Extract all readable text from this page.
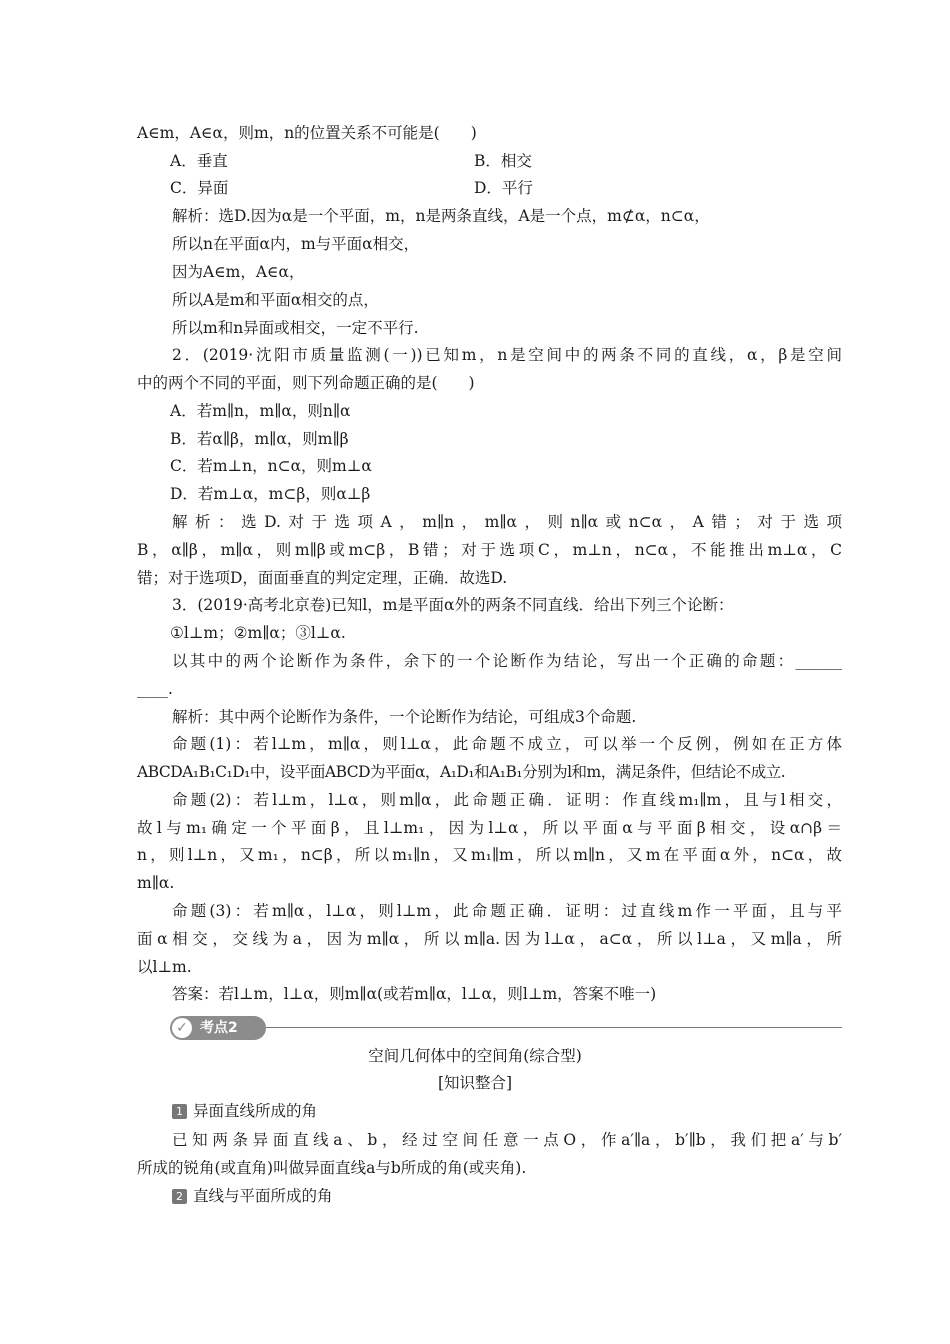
A∈m，A∈α，则m，n的位置关系不可能是(　　)
A．垂直	B．相交
C．异面	D．平行
解析：选D.因为α是一个平面，m，n是两条直线，A是一个点，m⊄α，n⊂α，
所以n在平面α内，m与平面α相交，
因为A∈m，A∈α，
所以A是m和平面α相交的点，
所以m和n异面或相交，一定不平行.
2．(2019·沈阳市质量监测(一))已知m，n是空间中的两条不同的直线，α，β是空间
中的两个不同的平面，则下列命题正确的是(　　)
A．若m∥n，m∥α，则n∥α
B．若α∥β，m∥α，则m∥β
C．若m⊥n，n⊂α，则m⊥α
D．若m⊥α，m⊂β，则α⊥β
解析：选D.对于选项A，m∥n，m∥α，则n∥α或n⊂α，A错；对于选项
B，α∥β，m∥α，则m∥β或m⊂β，B错；对于选项C，m⊥n，n⊂α，不能推出m⊥α，C
错；对于选项D，面面垂直的判定定理，正确．故选D.
3．(2019·高考北京卷)已知l，m是平面α外的两条不同直线．给出下列三个论断：
①l⊥m；②m∥α；③l⊥α.
以其中的两个论断作为条件，余下的一个论断作为结论，写出一个正确的命题：______
____.
解析：其中两个论断作为条件，一个论断作为结论，可组成3个命题.
命题(1)：若l⊥m，m∥α，则l⊥α，此命题不成立，可以举一个反例，例如在正方体
ABCDA₁B₁C₁D₁中，设平面ABCD为平面α，A₁D₁和A₁B₁分别为l和m，满足条件，但结论不成立.
命题(2)：若l⊥m，l⊥α，则m∥α，此命题正确．证明：作直线m₁∥m，且与l相交，
故l与m₁确定一个平面β，且l⊥m₁，因为l⊥α，所以平面α与平面β相交，设α∩β＝
n，则l⊥n，又m₁，n⊂β，所以m₁∥n，又m₁∥m，所以m∥n，又m在平面α外，n⊂α，故
m∥α.
命题(3)：若m∥α，l⊥α，则l⊥m，此命题正确．证明：过直线m作一平面，且与平
面α相交，交线为a，因为m∥α，所以m∥a.因为l⊥α，a⊂α，所以l⊥a，又m∥a，所
以l⊥m.
答案：若l⊥m，l⊥α，则m∥α(或若m∥α，l⊥α，则l⊥m，答案不唯一)
✓ 考点2
空间几何体中的空间角(综合型)
[知识整合]
1 异面直线所成的角
已知两条异面直线a、b，经过空间任意一点O，作a′∥a，b′∥b，我们把a′与b′
所成的锐角(或直角)叫做异面直线a与b所成的角(或夹角).
2 直线与平面所成的角
